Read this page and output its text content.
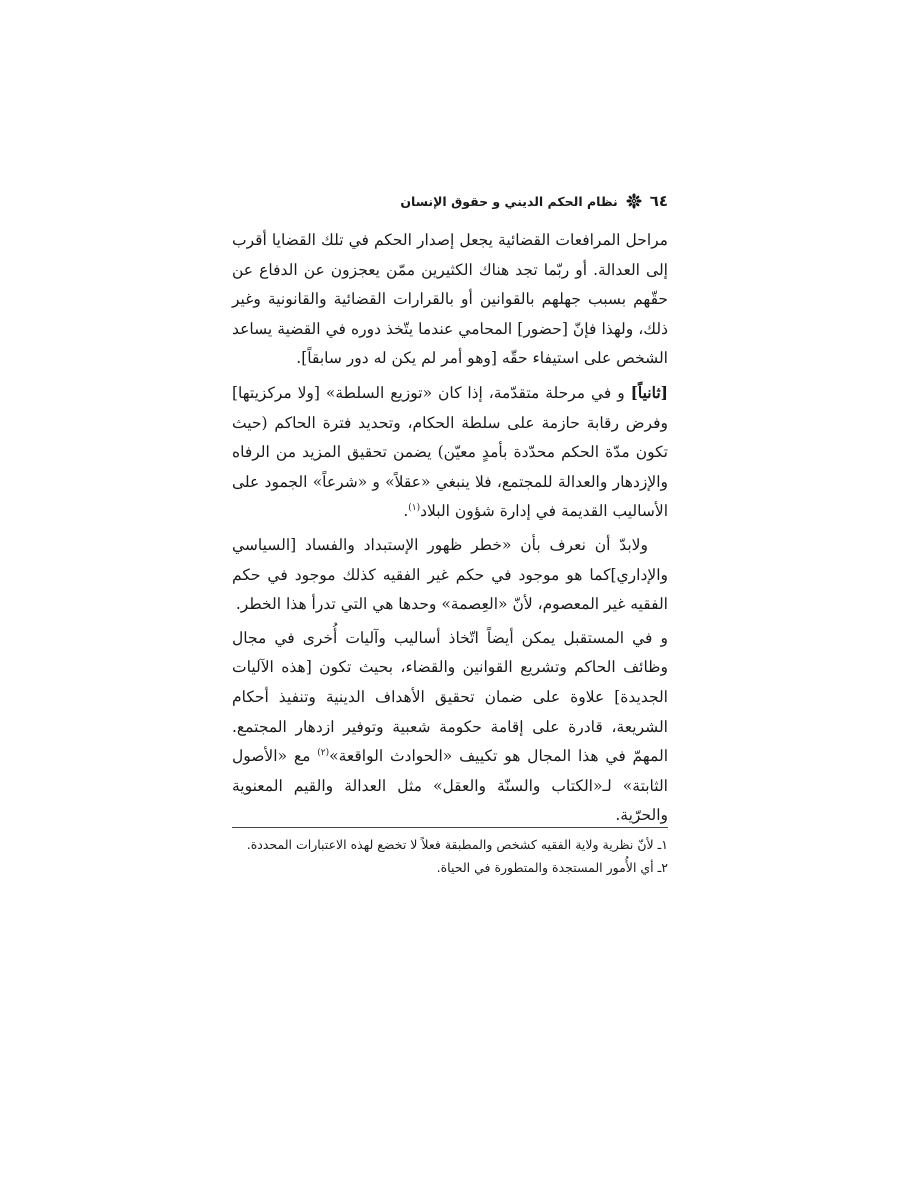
٦٤
نظام الحكم الديني و حقوق الإنسان

مراحل المرافعات القضائية يجعل إصدار الحكم في تلك القضايا أقرب إلى العدالة. أو ربّما تجد هناك الكثيرين ممّن يعجزون عن الدفاع عن حقّهم بسبب جهلهم بالقوانين أو بالقرارات القضائية والقانونية وغير ذلك، ولهذا فإنّ [حضور] المحامي عندما يتّخذ دوره في القضية يساعد الشخص على استيفاء حقّه [وهو أمر لم يكن له دور سابقاً].

[ثانياً] و في مرحلة متقدّمة، إذا كان «توزيع السلطة» [ولا مركزيتها] وفرض رقابة حازمة على سلطة الحكام، وتحديد فترة الحاكم (حيث تكون مدّة الحكم محدّدة بأمدٍ معيّن) يضمن تحقيق المزيد من الرفاه والإزدهار والعدالة للمجتمع، فلا ينبغي «عقلاً» و «شرعاً» الجمود على الأساليب القديمة في إدارة شؤون البلاد$^{(١)}$.

ولابدّ أن نعرف بأن «خطر ظهور الإستبداد والفساد [السياسي والإداري]كما هو موجود في حكم غير الفقيه كذلك موجود في حكم الفقيه غير المعصوم، لأنّ «العِصمة» وحدها هي التي تدرأ هذا الخطر.

و في المستقبل يمكن أيضاً اتّخاذ أساليب وآليات أُخرى في مجال وظائف الحاكم وتشريع القوانين والقضاء، بحيث تكون [هذه الآليات الجديدة] علاوة على ضمان تحقيق الأهداف الدينية وتنفيذ أحكام الشريعة، قادرة على إقامة حكومة شعبية وتوفير ازدهار المجتمع. المهمّ في هذا المجال هو تكييف «الحوادث الواقعة»$^{(٢)}$ مع «الأصول الثابتة» لـ«الكتاب والسنّة والعقل» مثل العدالة والقيم المعنوية والحرّية.

١ـ لأنّ نظرية ولاية الفقيه كشخص والمطبقة فعلاً لا تخضع لهذه الاعتبارات المحددة.

٢ـ أي الأُمور المستجدة والمتطورة في الحياة.
